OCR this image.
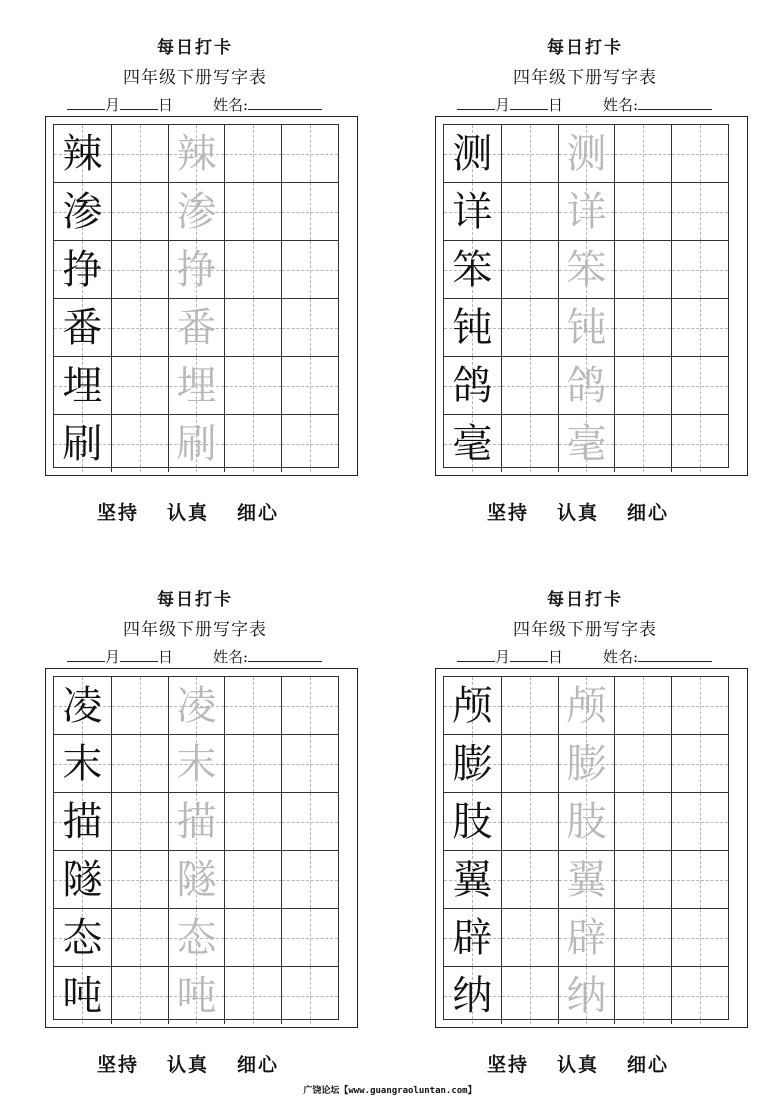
每日打卡
四年级下册写字表
月	日	姓名:
辣 辣
渗 渗
挣 挣
番 番
埋 埋
刷 刷
坚持 认真 细心
每日打卡
四年级下册写字表
月	日	姓名:
测 测
详 详
笨 笨
钝 钝
鸽 鸽
毫 毫
坚持 认真 细心
每日打卡
四年级下册写字表
月	日	姓名:
凌 凌
末 末
描 描
隧 隧
态 态
吨 吨
坚持 认真 细心
每日打卡
四年级下册写字表
月	日	姓名:
颅 颅
膨 膨
肢 肢
翼 翼
辟 辟
纳 纳
坚持 认真 细心
广饶论坛【www.guangraoluntan.com】
